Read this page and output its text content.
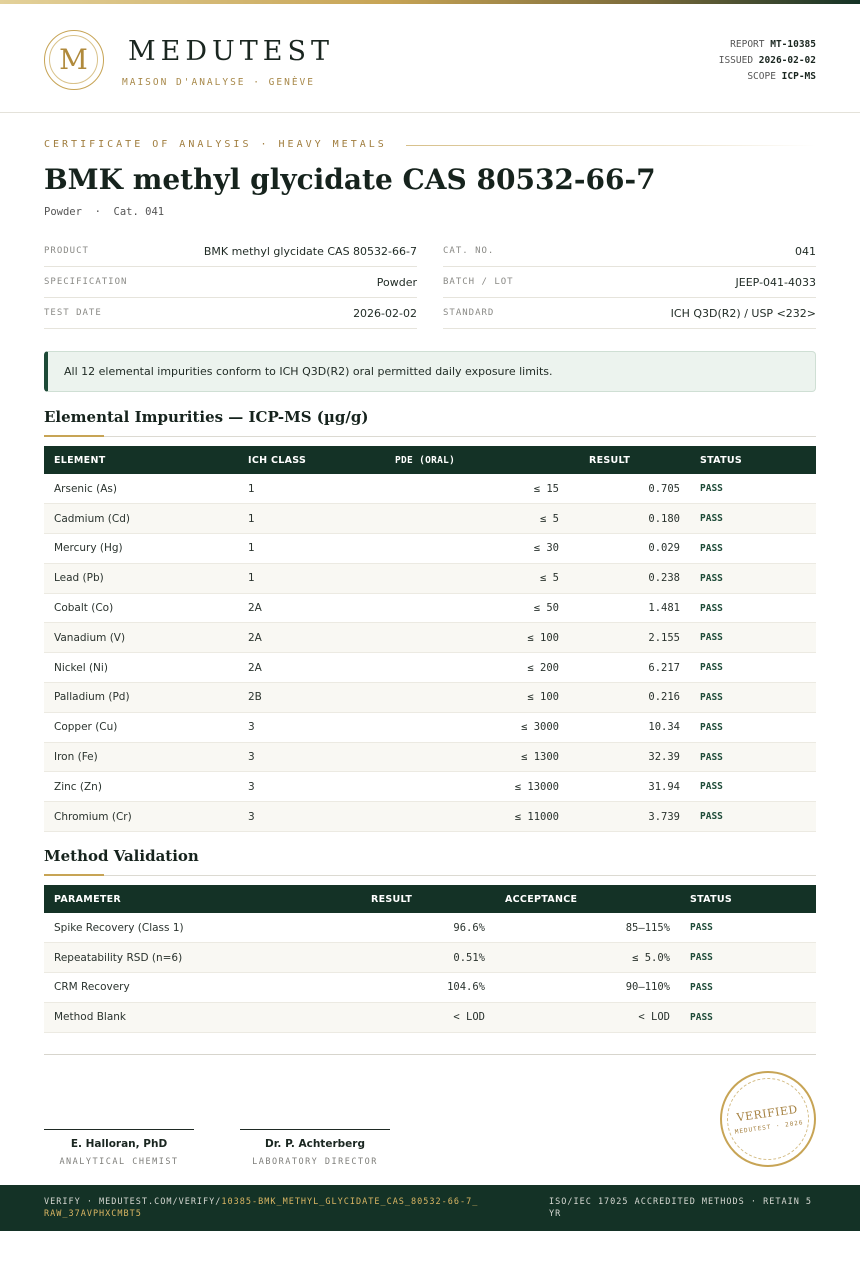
M	MEDUTEST
MAISON D'ANALYSE · GENÈVE
REPORT MT-10385
ISSUED 2026-02-02
SCOPE ICP-MS
CERTIFICATE OF ANALYSIS · HEAVY METALS
BMK methyl glycidate CAS 80532-66-7
Powder  ·  Cat. 041
PRODUCT	BMK methyl glycidate CAS 80532-66-7
SPECIFICATION	Powder
TEST DATE	2026-02-02
CAT. NO.	041
BATCH / LOT	JEEP-041-4033
STANDARD	ICH Q3D(R2) / USP <232>
All 12 elemental impurities conform to ICH Q3D(R2) oral permitted daily exposure limits.
Elemental Impurities — ICP-MS (µg/g)
ELEMENT	ICH CLASS	PDE (ORAL)	RESULT	STATUS
Arsenic (As)	1	≤ 15	0.705	PASS
Cadmium (Cd)	1	≤ 5	0.180	PASS
Mercury (Hg)	1	≤ 30	0.029	PASS
Lead (Pb)	1	≤ 5	0.238	PASS
Cobalt (Co)	2A	≤ 50	1.481	PASS
Vanadium (V)	2A	≤ 100	2.155	PASS
Nickel (Ni)	2A	≤ 200	6.217	PASS
Palladium (Pd)	2B	≤ 100	0.216	PASS
Copper (Cu)	3	≤ 3000	10.34	PASS
Iron (Fe)	3	≤ 1300	32.39	PASS
Zinc (Zn)	3	≤ 13000	31.94	PASS
Chromium (Cr)	3	≤ 11000	3.739	PASS
Method Validation
PARAMETER	RESULT	ACCEPTANCE	STATUS
Spike Recovery (Class 1)	96.6%	85–115%	PASS
Repeatability RSD (n=6)	0.51%	≤ 5.0%	PASS
CRM Recovery	104.6%	90–110%	PASS
Method Blank	< LOD	< LOD	PASS
E. Halloran, PhD
ANALYTICAL CHEMIST
Dr. P. Achterberg
LABORATORY DIRECTOR
VERIFIED
MEDUTEST · 2026
VERIFY · MEDUTEST.COM/VERIFY/10385-BMK_METHYL_GLYCIDATE_CAS_80532-66-7_RAW_37AVPHXCMBT5
ISO/IEC 17025 ACCREDITED METHODS · RETAIN 5 YR
